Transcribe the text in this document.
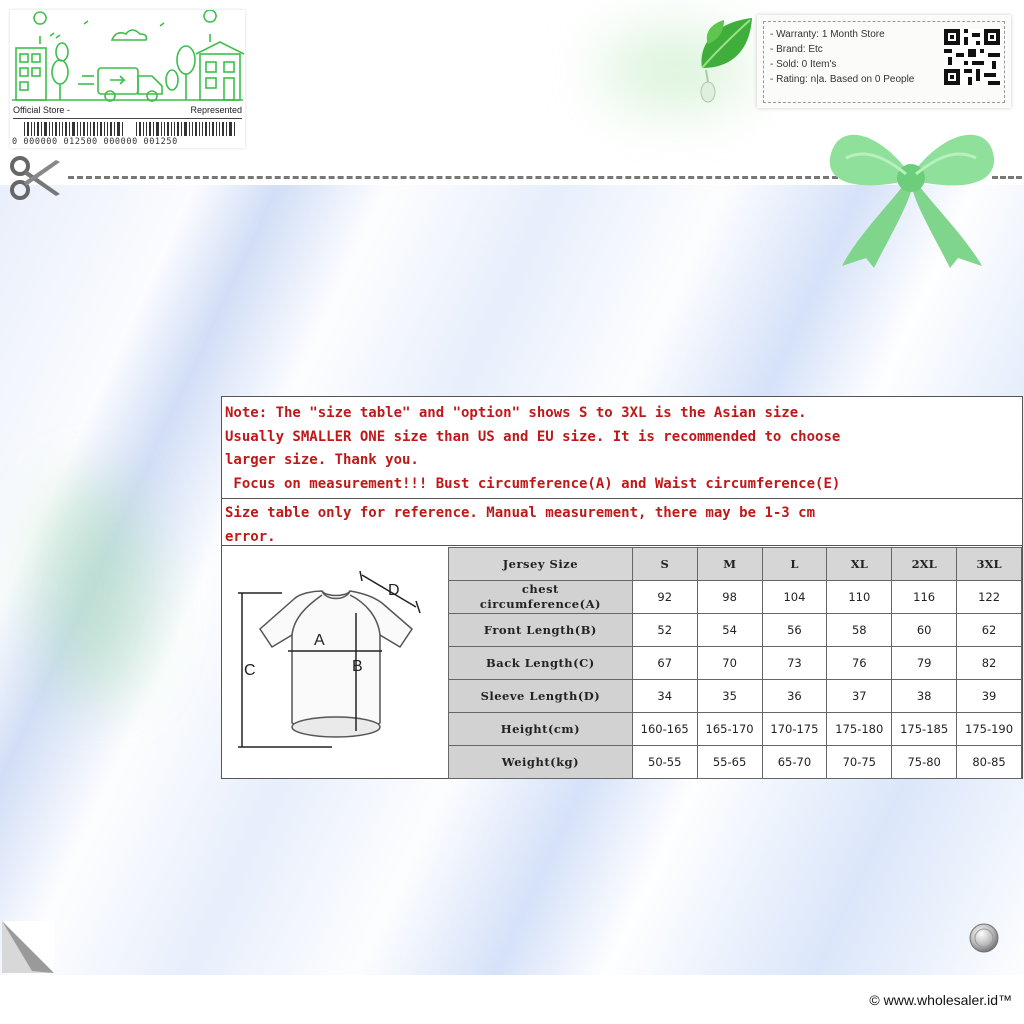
Official Store -	Represented
0 000000 012500 000000 001250
- Warranty: 1 Month Store
- Brand: Etc
- Sold: 0 Item's
- Rating: n|a. Based on 0 People
Note: The "size table" and "option" shows S to 3XL is the Asian size.
Usually SMALLER ONE size than US and EU size. It is recommended to choose
larger size. Thank you.
Focus on measurement!!! Bust circumference(A) and Waist circumference(E)
Size table only for reference. Manual measurement, there may be 1-3 cm
error.
A
B
C
D
Jersey Size	S	M	L	XL	2XL	3XL

chest
circumference(A)	92	98	104	110	116	122
Front Length(B)	52	54	56	58	60	62
Back Length(C)	67	70	73	76	79	82
Sleeve Length(D)	34	35	36	37	38	39
Height(cm)	160-165	165-170	170-175	175-180	175-185	175-190
Weight(kg)	50-55	55-65	65-70	70-75	75-80	80-85
© www.wholesaler.id™
